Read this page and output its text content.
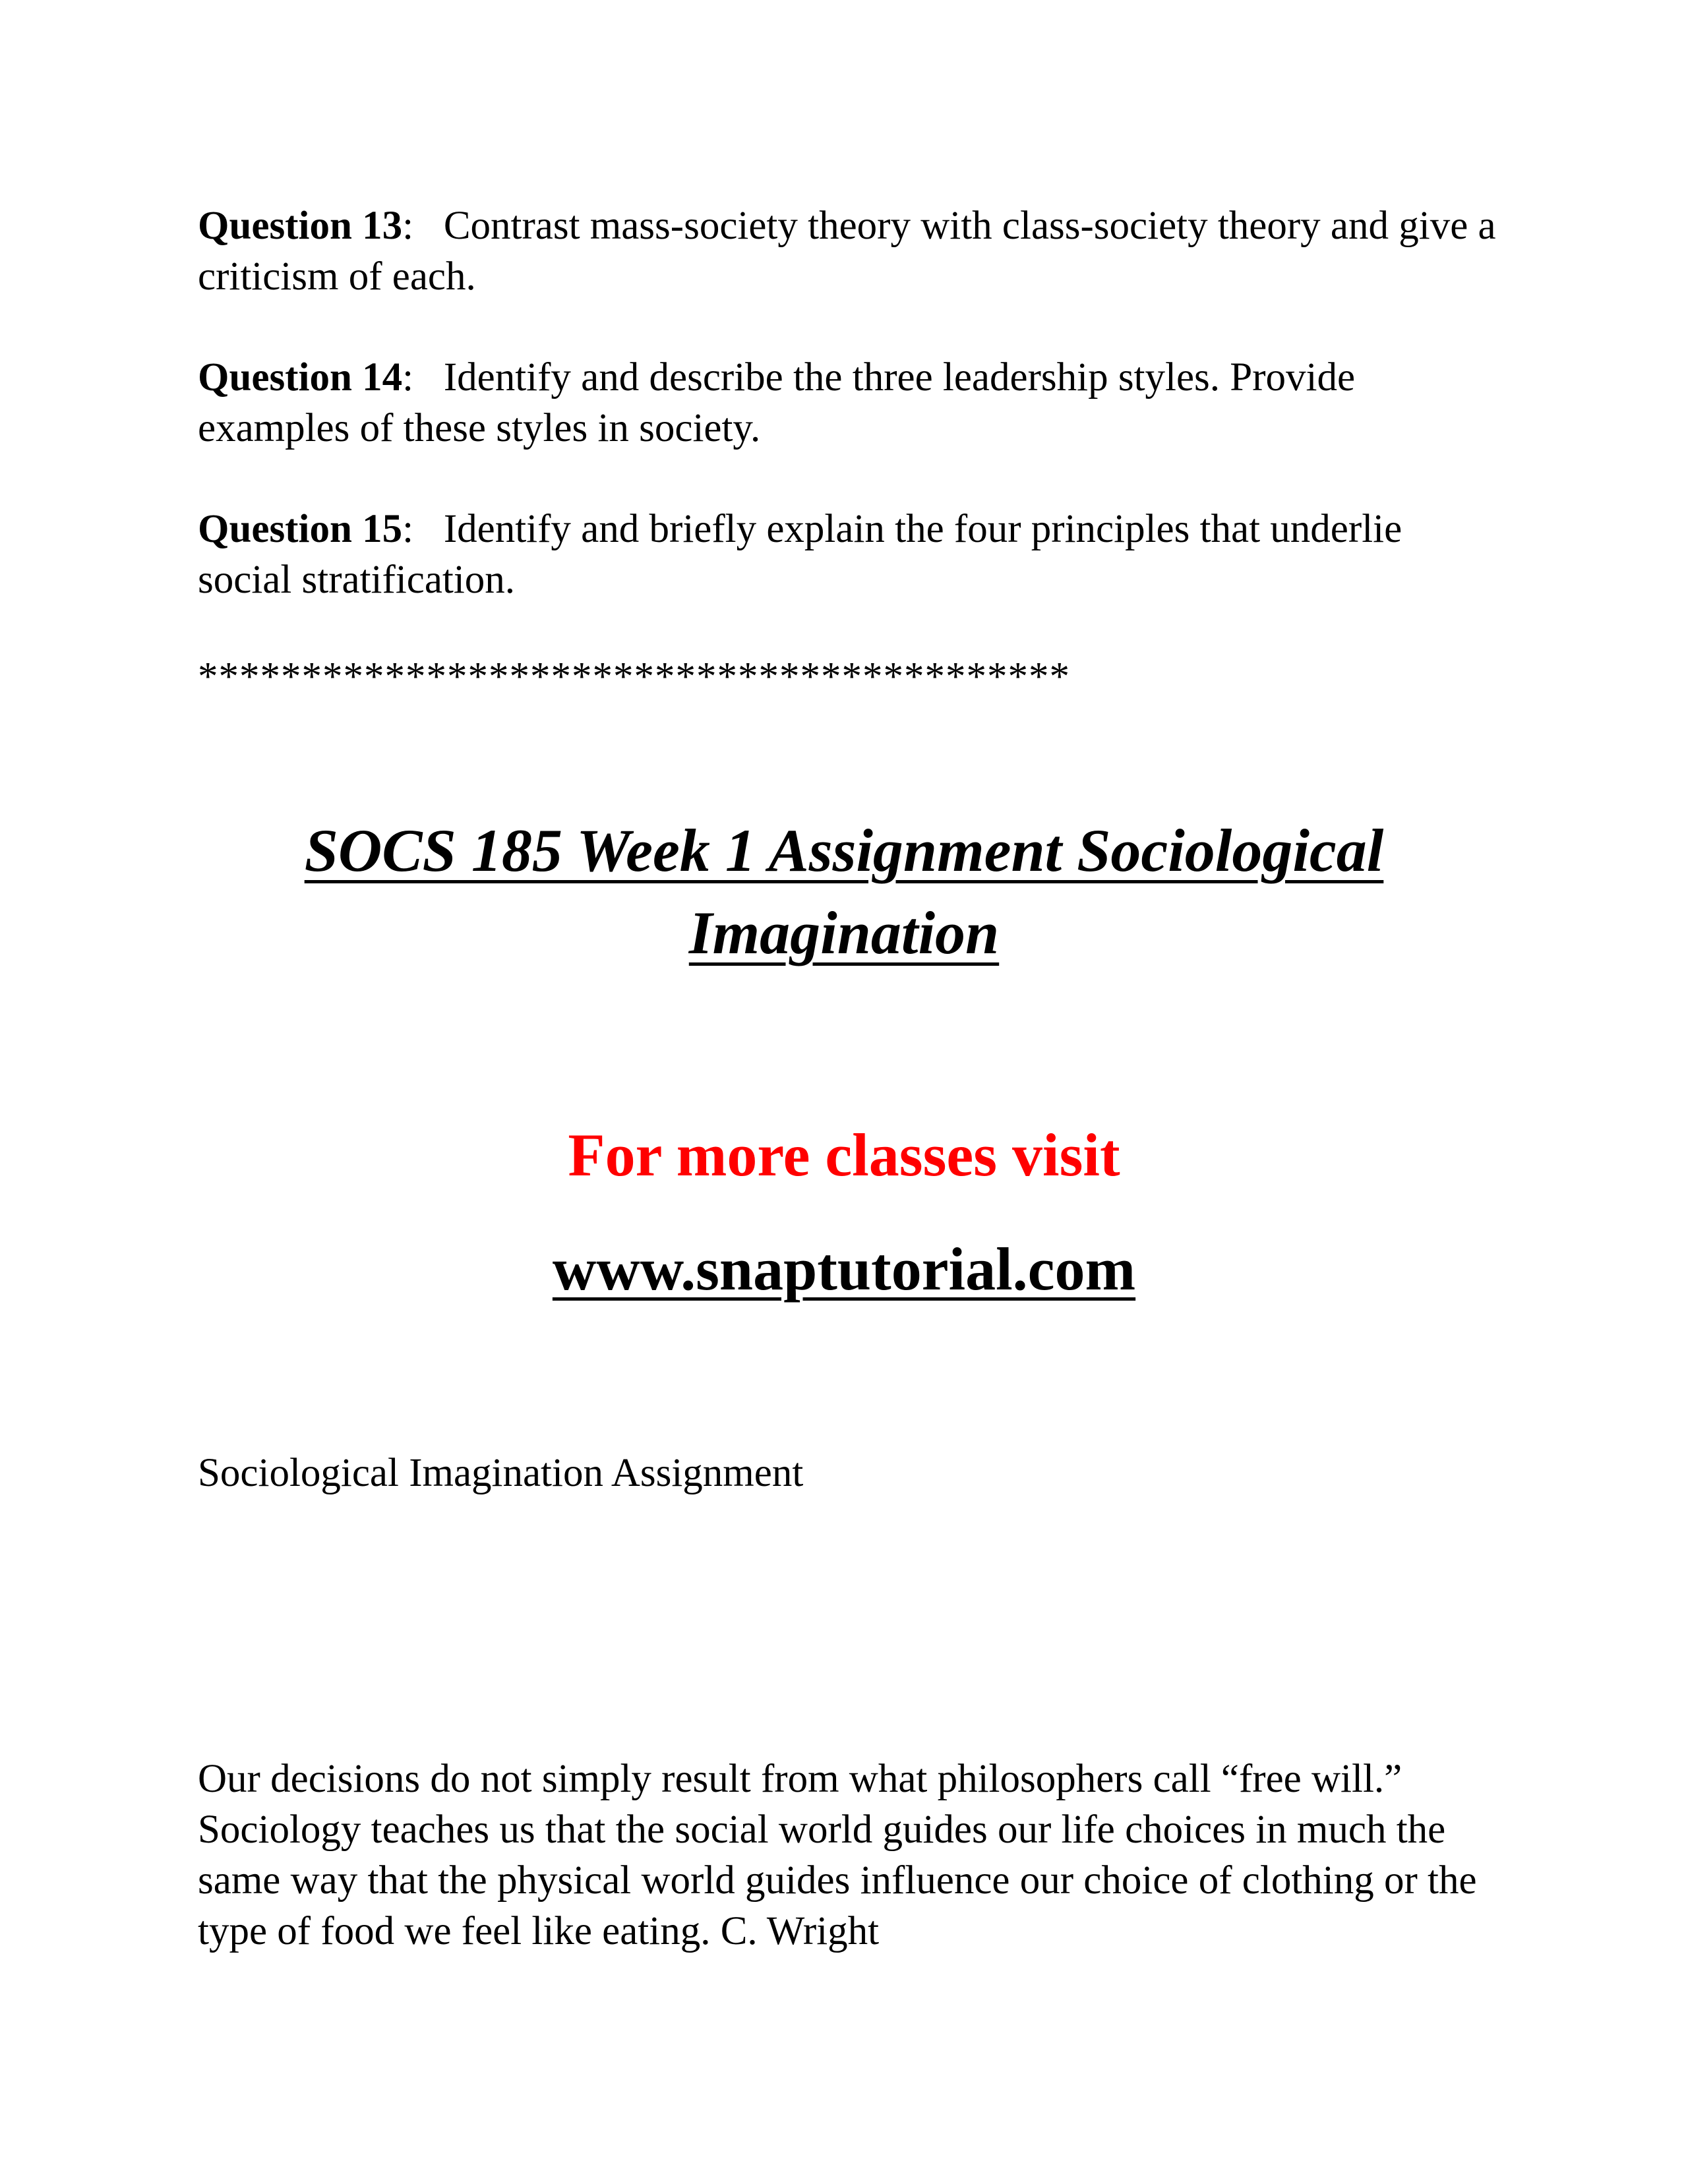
Question 13: Contrast mass-society theory with class-society theory and give a criticism of each.

Question 14: Identify and describe the three leadership styles. Provide examples of these styles in society.

Question 15: Identify and briefly explain the four principles that underlie social stratification.

******************************************

SOCS 185 Week 1 Assignment Sociological Imagination

For more classes visit

www.snaptutorial.com

Sociological Imagination Assignment

Our decisions do not simply result from what philosophers call “free will.” Sociology teaches us that the social world guides our life choices in much the same way that the physical world guides influence our choice of clothing or the type of food we feel like eating. C. Wright
